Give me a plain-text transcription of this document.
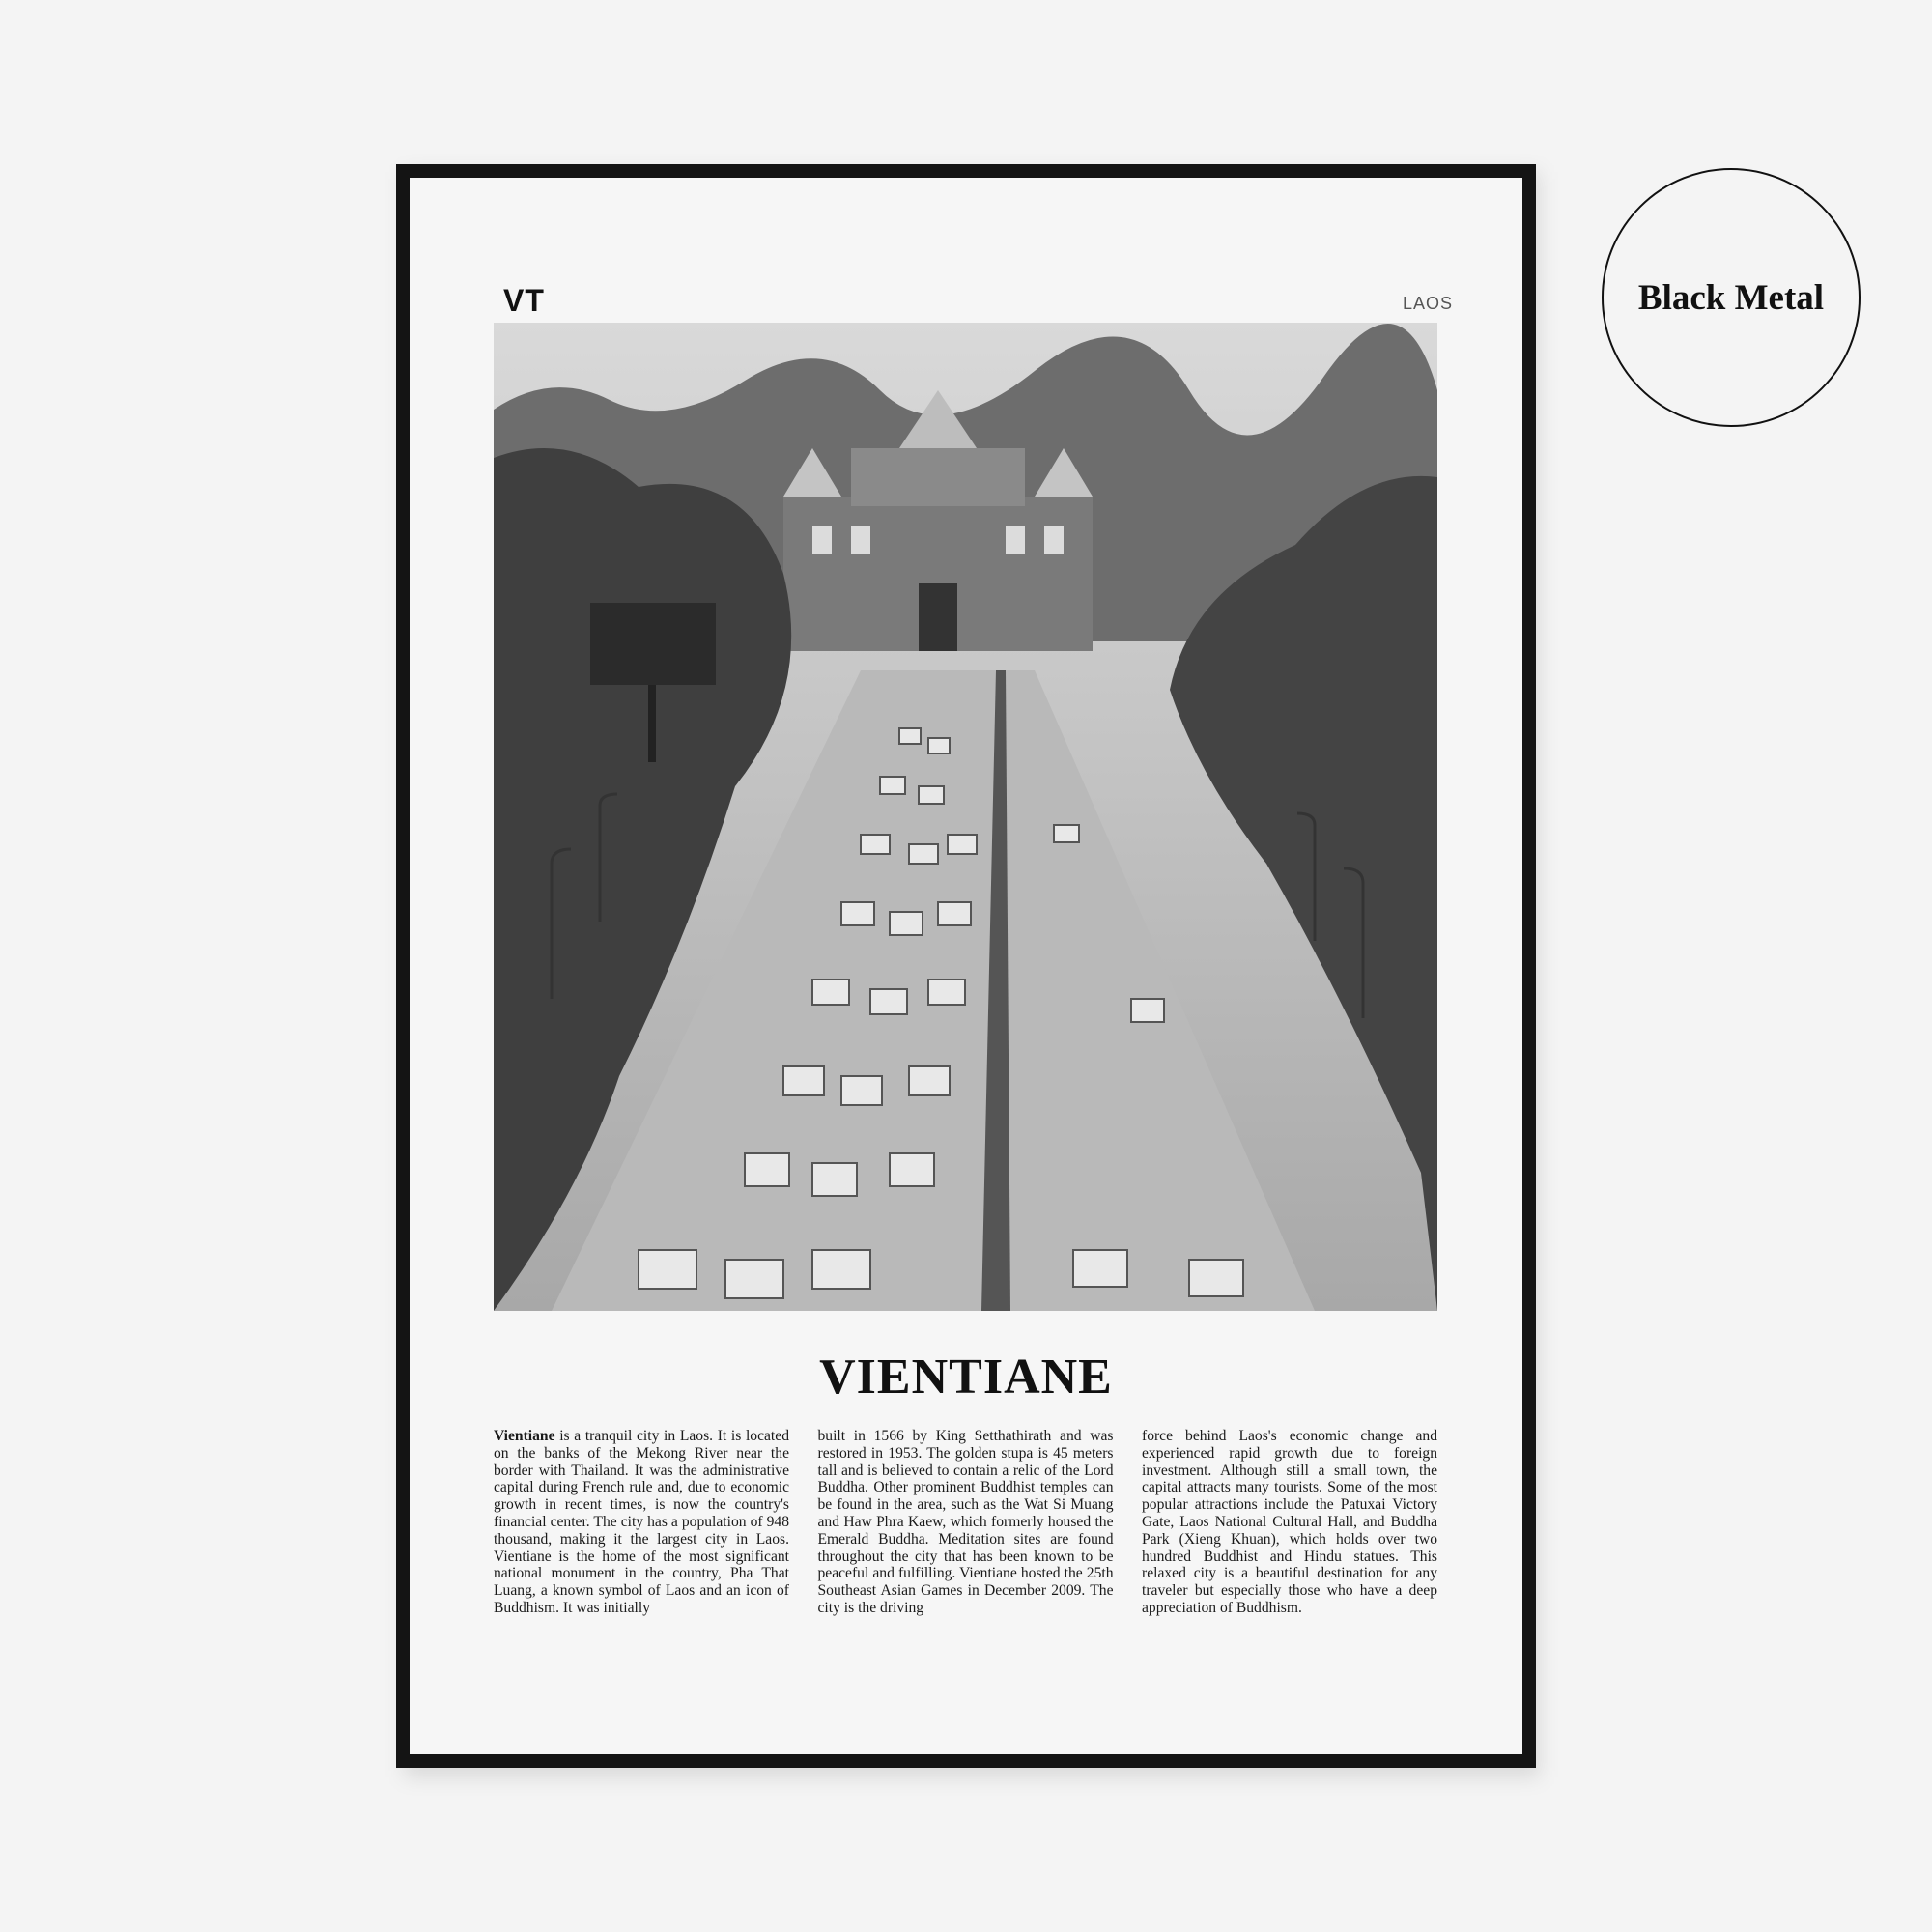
VT	LAOS
VIENTIANE
Vientiane is a tranquil city in Laos. It is located on the banks of the Mekong River near the border with Thailand. It was the administrative capital during French rule and, due to economic growth in recent times, is now the country's financial center. The city has a population of 948 thousand, making it the largest city in Laos. Vientiane is the home of the most significant national monument in the country, Pha That Luang, a known symbol of Laos and an icon of Buddhism. It was initially
built in 1566 by King Setthathirath and was restored in 1953. The golden stupa is 45 meters tall and is believed to contain a relic of the Lord Buddha. Other prominent Buddhist temples can be found in the area, such as the Wat Si Muang and Haw Phra Kaew, which formerly housed the Emerald Buddha. Meditation sites are found throughout the city that has been known to be peaceful and fulfilling. Vientiane hosted the 25th Southeast Asian Games in December 2009. The city is the driving
force behind Laos's economic change and experienced rapid growth due to foreign investment. Although still a small town, the capital attracts many tourists. Some of the most popular attractions include the Patuxai Victory Gate, Laos National Cultural Hall, and Buddha Park (Xieng Khuan), which holds over two hundred Buddhist and Hindu statues. This relaxed city is a beautiful destination for any traveler but especially those who have a deep appreciation of Buddhism.
Black Metal
